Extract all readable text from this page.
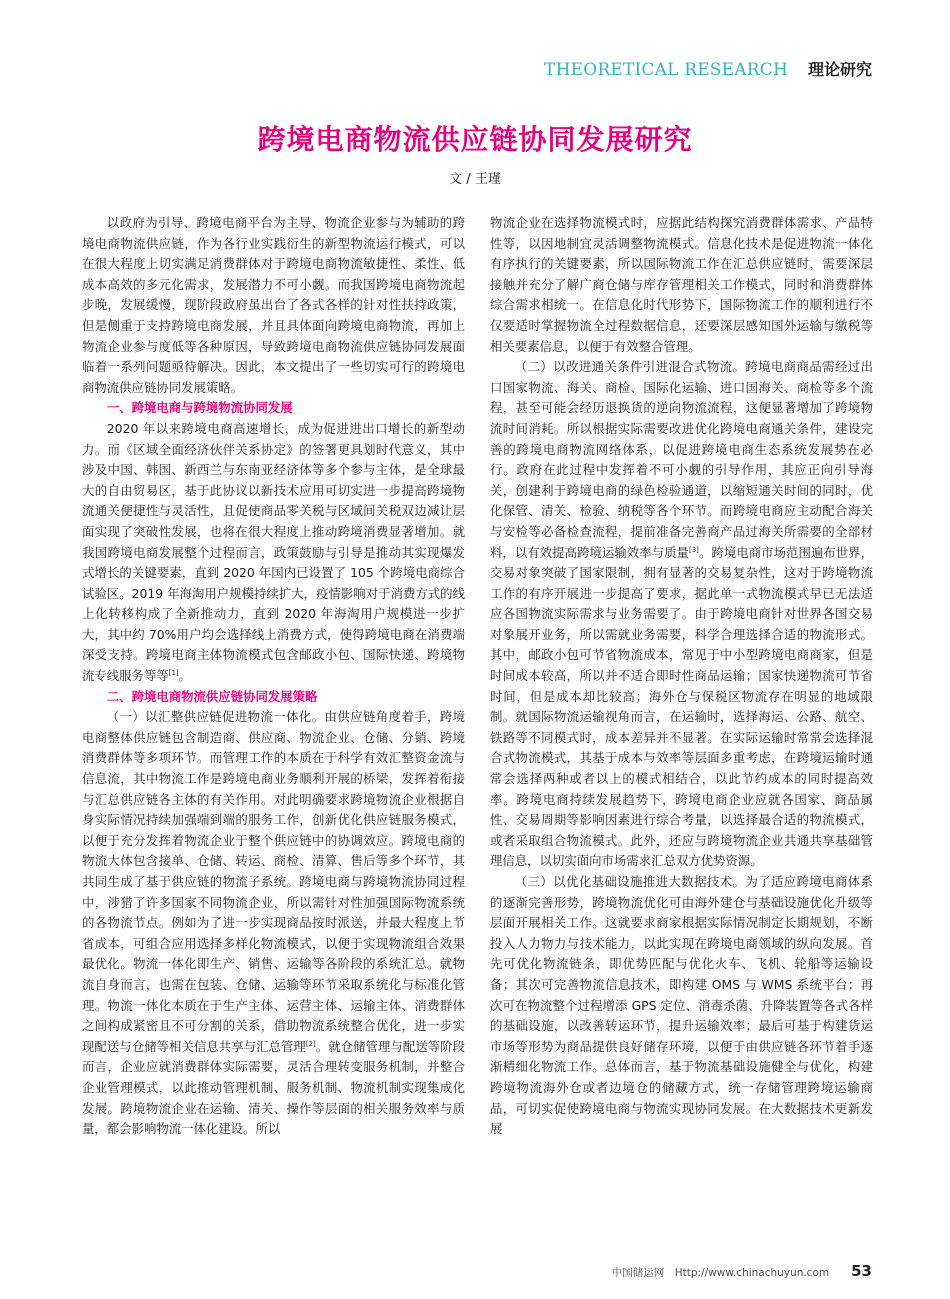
THEORETICAL RESEARCH 理论研究
跨境电商物流供应链协同发展研究
文 / 王瑾

以政府为引导、跨境电商平台为主导、物流企业参与为辅助的跨境电商物流供应链，作为各行业实践衍生的新型物流运行模式，可以在很大程度上切实满足消费群体对于跨境电商物流敏捷性、柔性、低成本高效的多元化需求，发展潜力不可小觑。而我国跨境电商物流起步晚，发展缓慢，现阶段政府虽出台了各式各样的针对性扶持政策，但是侧重于支持跨境电商发展，并且具体面向跨境电商物流，再加上物流企业参与度低等各种原因，导致跨境电商物流供应链协同发展面临着一系列问题亟待解决。因此，本文提出了一些切实可行的跨境电商物流供应链协同发展策略。

一、跨境电商与跨境物流协同发展

2020 年以来跨境电商高速增长，成为促进进出口增长的新型动力。而《区域全面经济伙伴关系协定》的签署更具划时代意义，其中涉及中国、韩国、新西兰与东南亚经济体等多个参与主体，是全球最大的自由贸易区，基于此协议以新技术应用可切实进一步提高跨境物流通关便捷性与灵活性，且促使商品零关税与区域间关税双边减让层面实现了突破性发展，也将在很大程度上推动跨境消费显著增加。就我国跨境电商发展整个过程而言，政策鼓励与引导是推动其实现爆发式增长的关键要素，直到 2020 年国内已设置了 105 个跨境电商综合试验区。2019 年海淘用户规模持续扩大，疫情影响对于消费方式的线上化转移构成了全新推动力，直到 2020 年海淘用户规模进一步扩大，其中约 70%用户均会选择线上消费方式，使得跨境电商在消费端深受支持。跨境电商主体物流模式包含邮政小包、国际快递、跨境物流专线服务等等[1]。

二、跨境电商物流供应链协同发展策略

（一）以汇整供应链促进物流一体化。由供应链角度着手，跨境电商整体供应链包含制造商、供应商、物流企业、仓储、分销、跨境消费群体等多项环节。而管理工作的本质在于科学有效汇整资金流与信息流，其中物流工作是跨境电商业务顺利开展的桥梁，发挥着衔接与汇总供应链各主体的有关作用。对此明确要求跨境物流企业根据自身实际情况持续加强端到端的服务工作，创新优化供应链服务模式，以便于充分发挥着物流企业于整个供应链中的协调效应。跨境电商的物流大体包含接单、仓储、转运、商检、清算、售后等多个环节，其共同生成了基于供应链的物流子系统。跨境电商与跨境物流协同过程中，涉猎了许多国家不同物流企业，所以需针对性加强国际物流系统的各物流节点。例如为了进一步实现商品按时派送，并最大程度上节省成本，可组合应用选择多样化物流模式，以便于实现物流组合效果最优化。物流一体化即生产、销售、运输等各阶段的系统汇总。就物流自身而言，也需在包装、仓储、运输等环节采取系统化与标准化管理。物流一体化本质在于生产主体、运营主体、运输主体、消费群体之间构成紧密且不可分割的关系，借助物流系统整合优化，进一步实现配送与仓储等相关信息共享与汇总管理[2]。就仓储管理与配送等阶段而言，企业应就消费群体实际需要，灵活合理转变服务机制，并整合企业管理模式，以此推动管理机制、服务机制、物流机制实现集成化发展。跨境物流企业在运输、清关、操作等层面的相关服务效率与质量，都会影响物流一体化建设。所以

物流企业在选择物流模式时，应据此结构探究消费群体需求、产品特性等，以因地制宜灵活调整物流模式。信息化技术是促进物流一体化有序执行的关键要素，所以国际物流工作在汇总供应链时，需要深层接触并充分了解广商仓储与库存管理相关工作模式，同时和消费群体综合需求相统一。在信息化时代形势下，国际物流工作的顺利进行不仅要适时掌握物流全过程数据信息，还要深层感知国外运输与缴税等相关要素信息，以便于有效整合管理。

（二）以改进通关条件引进混合式物流。跨境电商商品需经过出口国家物流、海关、商检、国际化运输、进口国海关、商检等多个流程，甚至可能会经历退换货的逆向物流流程，这便显著增加了跨境物流时间消耗。所以根据实际需要改进优化跨境电商通关条件，建设完善的跨境电商物流网络体系，以促进跨境电商生态系统发展势在必行。政府在此过程中发挥着不可小觑的引导作用，其应正向引导海关，创建利于跨境电商的绿色检验通道，以缩短通关时间的同时，优化保管、清关、检验、纳税等各个环节。而跨境电商应主动配合海关与安检等必备检查流程，提前准备完善商产品过海关所需要的全部材料，以有效提高跨境运输效率与质量[3]。跨境电商市场范围遍布世界，交易对象突破了国家限制，拥有显著的交易复杂性，这对于跨境物流工作的有序开展进一步提高了要求，据此单一式物流模式早已无法适应各国物流实际需求与业务需要了。由于跨境电商针对世界各国交易对象展开业务，所以需就业务需要，科学合理选择合适的物流形式。其中，邮政小包可节省物流成本，常见于中小型跨境电商商家，但是时间成本较高，所以并不适合即时性商品运输；国家快递物流可节省时间，但是成本却比较高；海外仓与保税区物流存在明显的地域限制。就国际物流运输视角而言，在运输时，选择海运、公路、航空、铁路等不同模式时，成本差异并不显著。在实际运输时常常会选择混合式物流模式，其基于成本与效率等层面多重考虑，在跨境运输时通常会选择两种或者以上的模式相结合，以此节约成本的同时提高效率。跨境电商持续发展趋势下，跨境电商企业应就各国家、商品属性、交易周期等影响因素进行综合考量，以选择最合适的物流模式，或者采取组合物流模式。此外，还应与跨境物流企业共通共享基础管理信息，以切实面向市场需求汇总双方优势资源。

（三）以优化基础设施推进大数据技术。为了适应跨境电商体系的逐渐完善形势，跨境物流优化可由海外建仓与基础设施优化升级等层面开展相关工作。这就要求商家根据实际情况制定长期规划，不断投入人力物力与技术能力，以此实现在跨境电商领域的纵向发展。首先可优化物流链条，即优势匹配与优化火车、飞机、轮船等运输设备；其次可完善物流信息技术，即构建 OMS 与 WMS 系统平台；再次可在物流整个过程增添 GPS 定位、消毒杀菌、升降装置等各式各样的基础设施，以改善转运环节，提升运输效率；最后可基于构建货运市场等形势为商品提供良好储存环境，以便于由供应链各环节着手逐渐精细化物流工作。总体而言，基于物流基础设施健全与优化，构建跨境物流海外仓或者边境仓的储藏方式，统一存储管理跨境运输商品，可切实促使跨境电商与物流实现协同发展。在大数据技术更新发展

中国储运网　Http://www.chinachuyun.com 53
